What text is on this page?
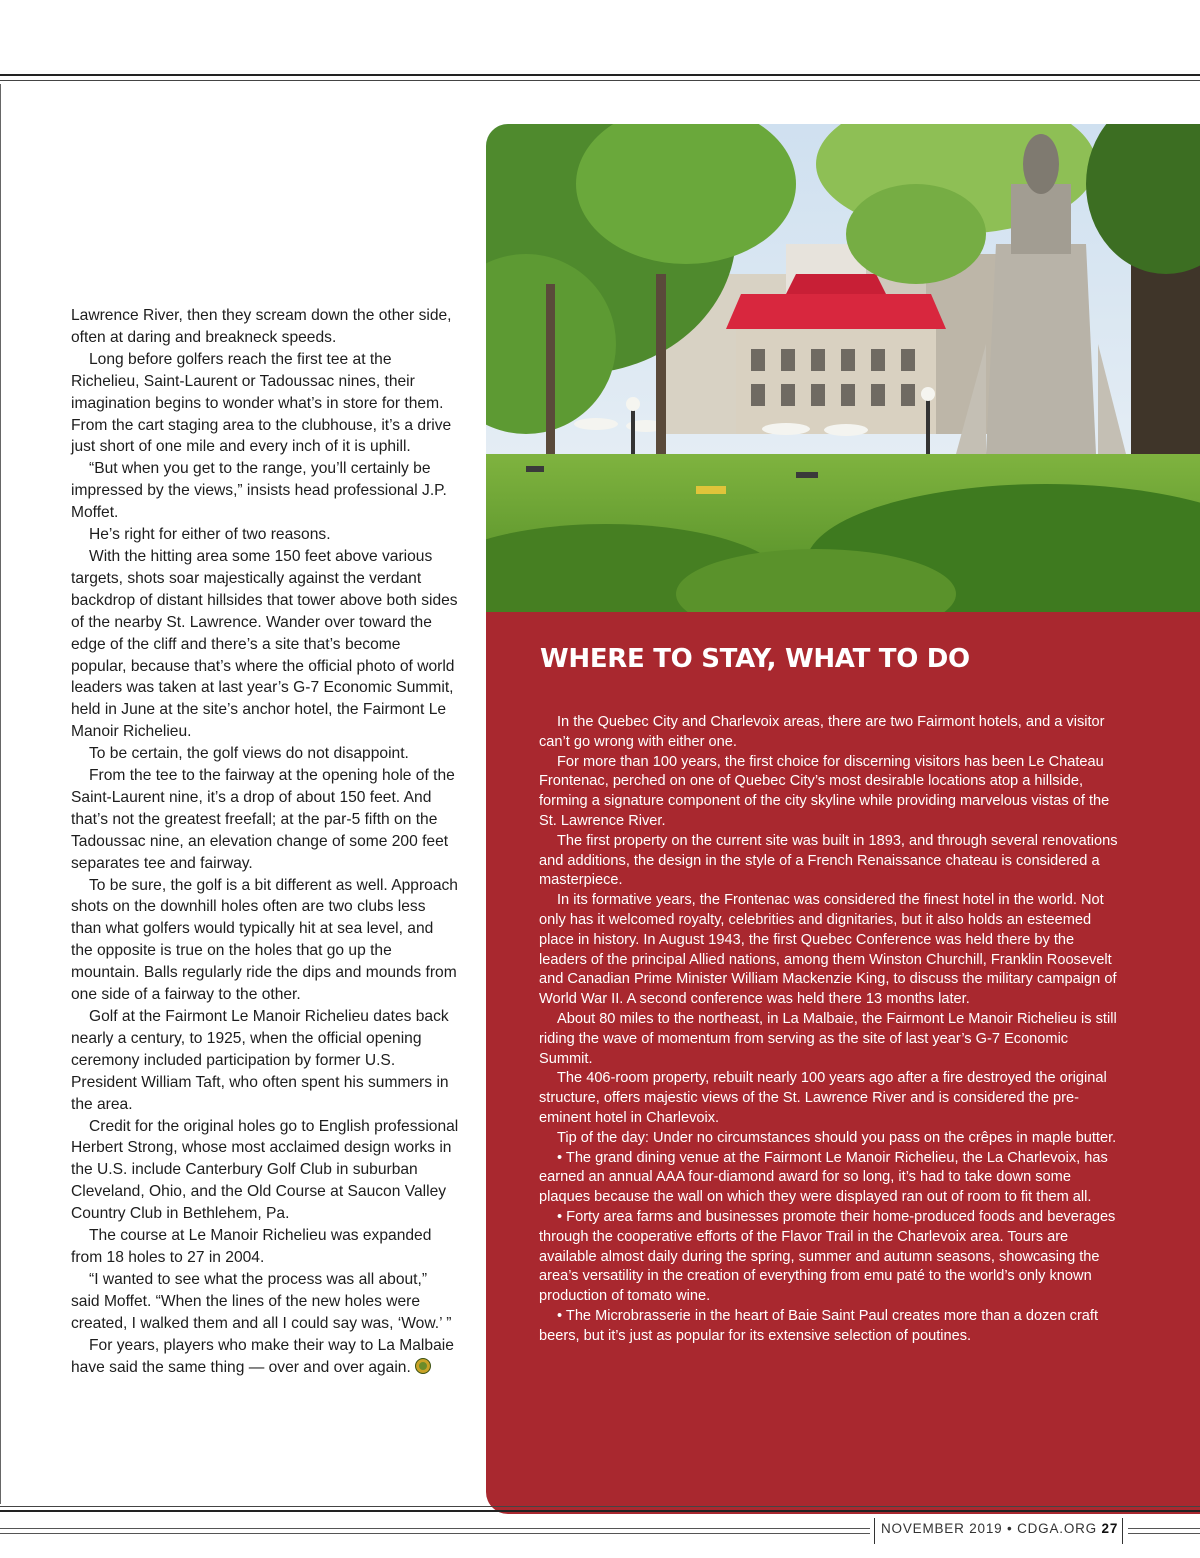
Lawrence River, then they scream down the other side, often at daring and breakneck speeds.

Long before golfers reach the first tee at the Richelieu, Saint-Laurent or Tadoussac nines, their imagination begins to wonder what’s in store for them. From the cart staging area to the clubhouse, it’s a drive just short of one mile and every inch of it is uphill.

“But when you get to the range, you’ll certainly be impressed by the views,” insists head professional J.P. Moffet.

He’s right for either of two reasons.

With the hitting area some 150 feet above various targets, shots soar majestically against the verdant backdrop of distant hillsides that tower above both sides of the nearby St. Lawrence. Wander over toward the edge of the cliff and there’s a site that’s become popular, because that’s where the official photo of world leaders was taken at last year’s G-7 Economic Summit, held in June at the site’s anchor hotel, the Fairmont Le Manoir Richelieu.

To be certain, the golf views do not disappoint.

From the tee to the fairway at the opening hole of the Saint-Laurent nine, it’s a drop of about 150 feet. And that’s not the greatest freefall; at the par-5 fifth on the Tadoussac nine, an elevation change of some 200 feet separates tee and fairway.

To be sure, the golf is a bit different as well. Approach shots on the downhill holes often are two clubs less than what golfers would typically hit at sea level, and the opposite is true on the holes that go up the mountain. Balls regularly ride the dips and mounds from one side of a fairway to the other.

Golf at the Fairmont Le Manoir Richelieu dates back nearly a century, to 1925, when the official opening ceremony included participation by former U.S. President William Taft, who often spent his summers in the area.

Credit for the original holes go to English professional Herbert Strong, whose most acclaimed design works in the U.S. include Canterbury Golf Club in suburban Cleveland, Ohio, and the Old Course at Saucon Valley Country Club in Bethlehem, Pa.

The course at Le Manoir Richelieu was expanded from 18 holes to 27 in 2004.

“I wanted to see what the process was all about,” said Moffet. “When the lines of the new holes were created, I walked them and all I could say was, ‘Wow.’ ”

For years, players who make their way to La Malbaie have said the same thing — over and over again.

WHERE TO STAY, WHAT TO DO

In the Quebec City and Charlevoix areas, there are two Fairmont hotels, and a visitor can’t go wrong with either one.

For more than 100 years, the first choice for discerning visitors has been Le Chateau Frontenac, perched on one of Quebec City’s most desirable locations atop a hillside, forming a signature component of the city skyline while providing marvelous vistas of the St. Lawrence River.

The first property on the current site was built in 1893, and through several renovations and additions, the design in the style of a French Renaissance chateau is considered a masterpiece.

In its formative years, the Frontenac was considered the finest hotel in the world. Not only has it welcomed royalty, celebrities and dignitaries, but it also holds an esteemed place in history. In August 1943, the first Quebec Conference was held there by the leaders of the principal Allied nations, among them Winston Churchill, Franklin Roosevelt and Canadian Prime Minister William Mackenzie King, to discuss the military campaign of World War II. A second conference was held there 13 months later.

About 80 miles to the northeast, in La Malbaie, the Fairmont Le Manoir Richelieu is still riding the wave of momentum from serving as the site of last year’s G-7 Economic Summit.

The 406-room property, rebuilt nearly 100 years ago after a fire destroyed the original structure, offers majestic views of the St. Lawrence River and is considered the pre-eminent hotel in Charlevoix.

Tip of the day: Under no circumstances should you pass on the crêpes in maple butter.

• The grand dining venue at the Fairmont Le Manoir Richelieu, the La Charlevoix, has earned an annual AAA four-diamond award for so long, it’s had to take down some plaques because the wall on which they were displayed ran out of room to fit them all.

• Forty area farms and businesses promote their home-produced foods and beverages through the cooperative efforts of the Flavor Trail in the Charlevoix area. Tours are available almost daily during the spring, summer and autumn seasons, showcasing the area’s versatility in the creation of everything from emu paté to the world’s only known production of tomato wine.

• The Microbrasserie in the heart of Baie Saint Paul creates more than a dozen craft beers, but it’s just as popular for its extensive selection of poutines.

NOVEMBER 2019 • CDGA.ORG 27
